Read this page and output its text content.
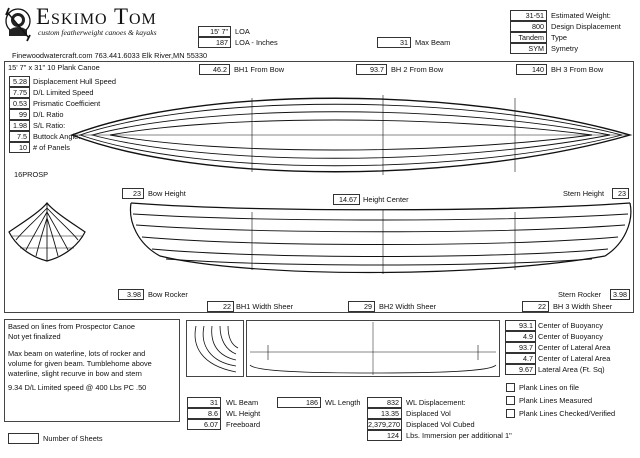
Eskimo Tom
custom featherweight canoes & kayaks
Finewoodwatercraft.com 763.441.6033 Elk River,MN 55330
15' 7" LOA
187 LOA - Inches	31 Max Beam
31-51 Estimated Weight:
800 Design Displacement
Tandem Type
SYM Symetry
15' 7" x 31" 10 Plank Canoe	46.2 BH1 From Bow	93.7 BH 2 From Bow	140 BH 3 From Bow
5.28 Displacement Hull Speed
7.75 D/L Limited Speed
0.53 Prismatic Coefficient
99 D/L Ratio
1.98 S/L Ratio:
7.5 Buttock Angle:
10 # of Panels
16PROSP
23 Bow Height
14.67 Height Center
Stern Height	23
3.98 Bow Rocker	Stern Rocker	3.98
22 BH1 Width Sheer	29 BH2 Width Sheer	22 BH 3 Width Sheer
Based on lines from Prospector Canoe
Not yet finalized
Max beam on waterline, lots of rocker and
volume for given beam. Tumblehome above
waterline, slight recurve in bow and stern
9.34 D/L Limited speed @ 400 Lbs PC .50
31	WL Beam
8.6	WL Height
6.07	Freeboard
186 WL Length	832 WL Displacement:
13.35 Displaced Vol
2,379,270 Displaced Vol Cubed
124 Lbs. Immersion per additional 1"
93.1 Center of Buoyancy
4.9 Center of Buoyancy
93.7 Center of Lateral Area
4.7 Center of Lateral Area
9.67 Lateral Area (Ft. Sq)
Plank Lines on file
Plank Lines Measured
Plank Lines Checked/Verified
Number of Sheets
